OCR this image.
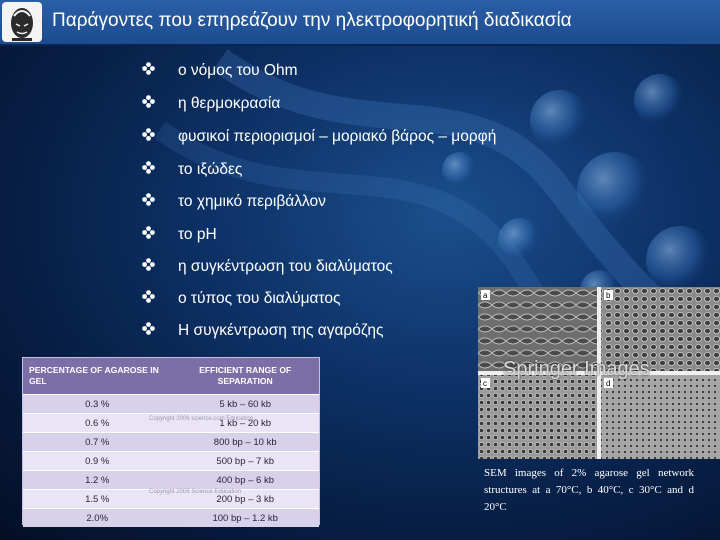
Παράγοντες που επηρεάζουν την ηλεκτροφορητική διαδικασία
ο νόμος του Ohm
η θερμοκρασία
φυσικοί περιορισμοί – μοριακό βάρος – μορφή
το ιξώδες
το χημικό περιβάλλον
το pH
η συγκέντρωση του διαλύματος
ο τύπος του διαλύματος
Η συγκέντρωση της αγαρόζης
PERCENTAGE OF AGAROSE IN GEL	EFFICIENT RANGE OF SEPARATION
0.3 %	5 kb – 60 kb
0.6 %	1 kb – 20 kb
0.7 %	800 bp – 10 kb
0.9 %	500 bp – 7 kb
1.2 %	400 bp – 6 kb
1.5 %	200 bp – 3 kb
2.0%	100 bp – 1.2 kb
Copyright 2006 science.com Education
Copyright 2006 Science Education
a	b
c	d
Springer Images
SEM images of 2% agarose gel network structures at a 70°C, b 40°C, c 30°C and d 20°C
